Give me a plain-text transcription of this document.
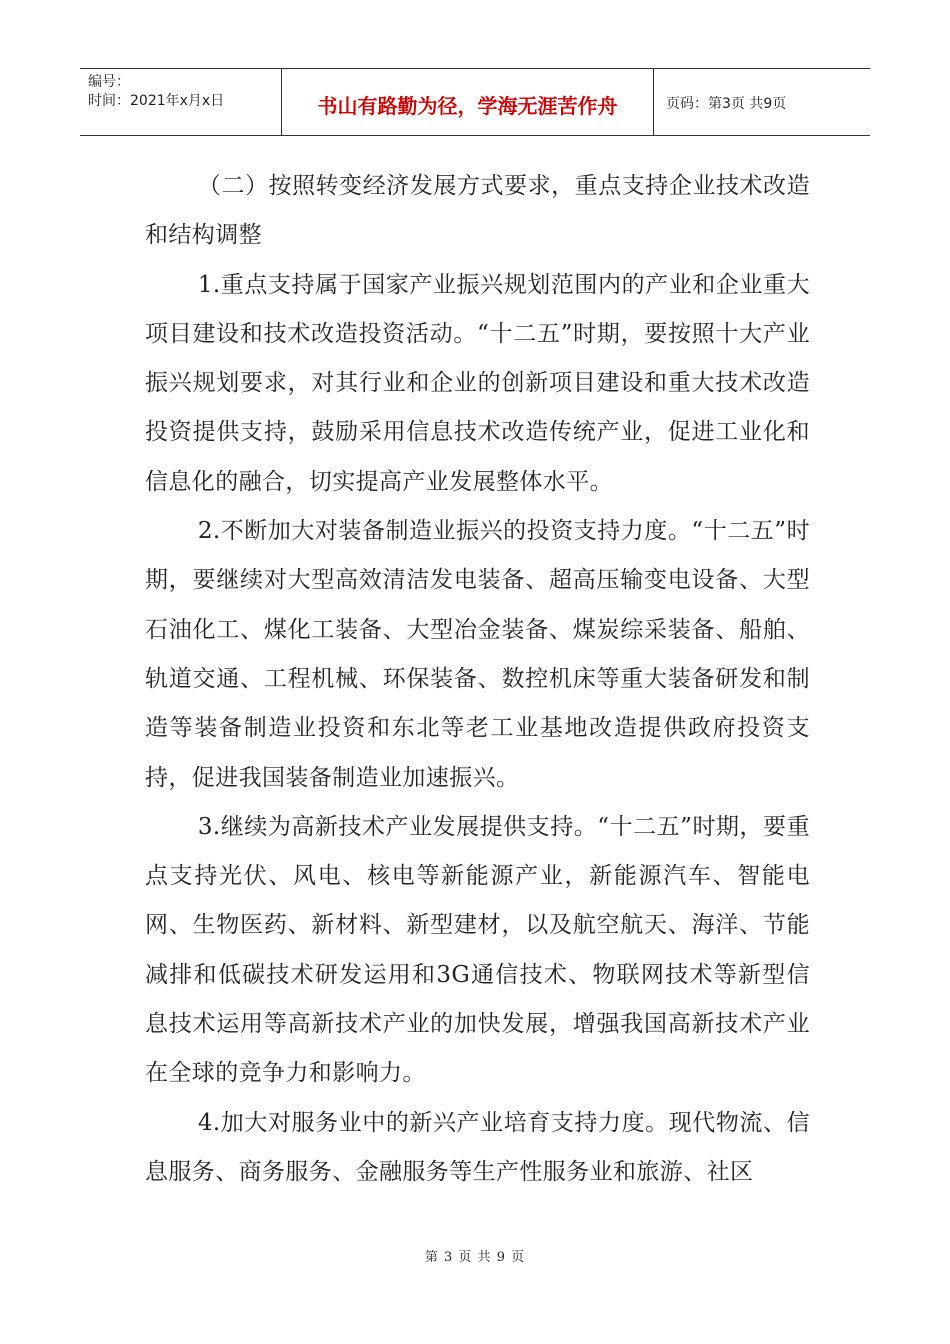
编号：
时间：2021年x月x日	书山有路勤为径，学海无涯苦作舟	页码：第3页 共9页

（二）按照转变经济发展方式要求，重点支持企业技术改造和结构调整

1.重点支持属于国家产业振兴规划范围内的产业和企业重大项目建设和技术改造投资活动。“十二五”时期，要按照十大产业振兴规划要求，对其行业和企业的创新项目建设和重大技术改造投资提供支持，鼓励采用信息技术改造传统产业，促进工业化和信息化的融合，切实提高产业发展整体水平。

2.不断加大对装备制造业振兴的投资支持力度。“十二五”时期，要继续对大型高效清洁发电装备、超高压输变电设备、大型石油化工、煤化工装备、大型冶金装备、煤炭综采装备、船舶、轨道交通、工程机械、环保装备、数控机床等重大装备研发和制造等装备制造业投资和东北等老工业基地改造提供政府投资支持，促进我国装备制造业加速振兴。

3.继续为高新技术产业发展提供支持。“十二五”时期，要重点支持光伏、风电、核电等新能源产业，新能源汽车、智能电网、生物医药、新材料、新型建材，以及航空航天、海洋、节能减排和低碳技术研发运用和3G通信技术、物联网技术等新型信息技术运用等高新技术产业的加快发展，增强我国高新技术产业在全球的竞争力和影响力。

4.加大对服务业中的新兴产业培育支持力度。现代物流、信息服务、商务服务、金融服务等生产性服务业和旅游、社区

第 3 页 共 9 页
